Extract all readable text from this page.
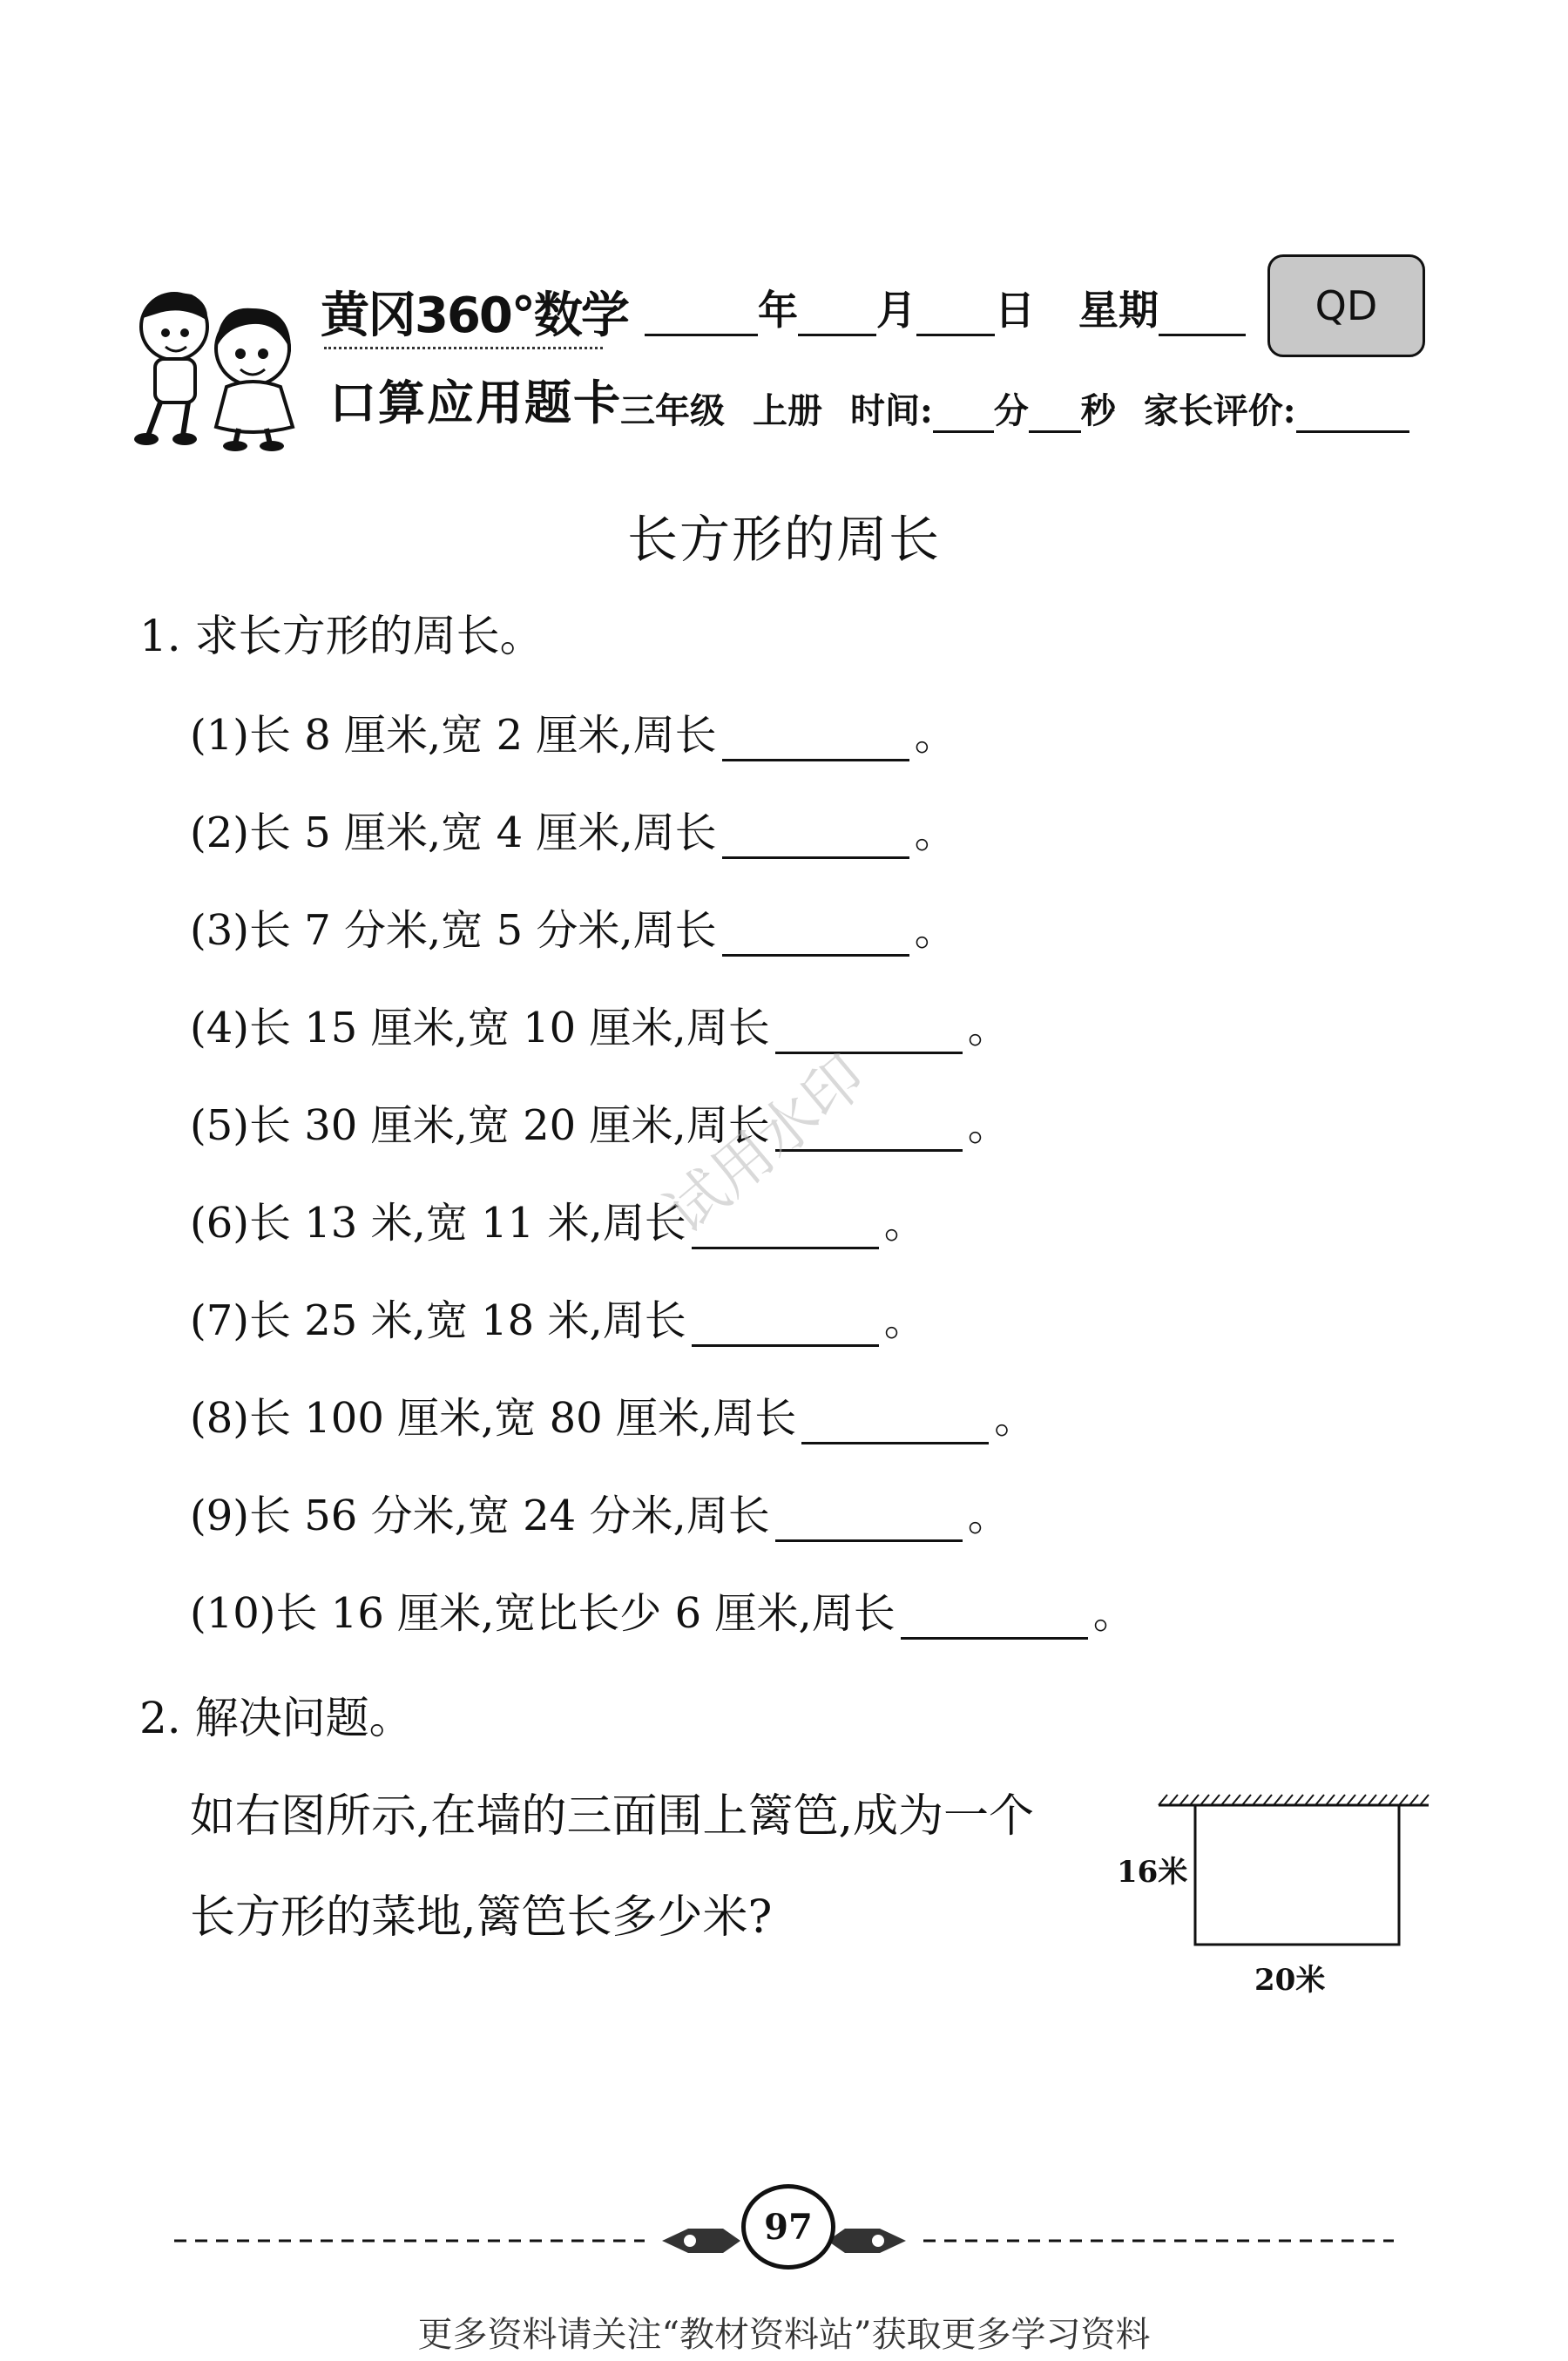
黄冈360°数学
口算应用题卡
年 月 日 星期	QD
三年级 上册 时间: 分 秒 家长评价:
长方形的周长
1. 求长方形的周长。
(1)长 8 厘米,宽 2 厘米,周长	。
(2)长 5 厘米,宽 4 厘米,周长	。
(3)长 7 分米,宽 5 分米,周长	。
(4)长 15 厘米,宽 10 厘米,周长	。
(5)长 30 厘米,宽 20 厘米,周长	。
(6)长 13 米,宽 11 米,周长	。
(7)长 25 米,宽 18 米,周长	。
(8)长 100 厘米,宽 80 厘米,周长	。
(9)长 56 分米,宽 24 分米,周长	。
(10)长 16 厘米,宽比长少 6 厘米,周长	。
2. 解决问题。
如右图所示,在墙的三面围上篱笆,成为一个
长方形的菜地,篱笆长多少米?
16米
20米
试用水印
97
更多资料请关注“教材资料站”获取更多学习资料
